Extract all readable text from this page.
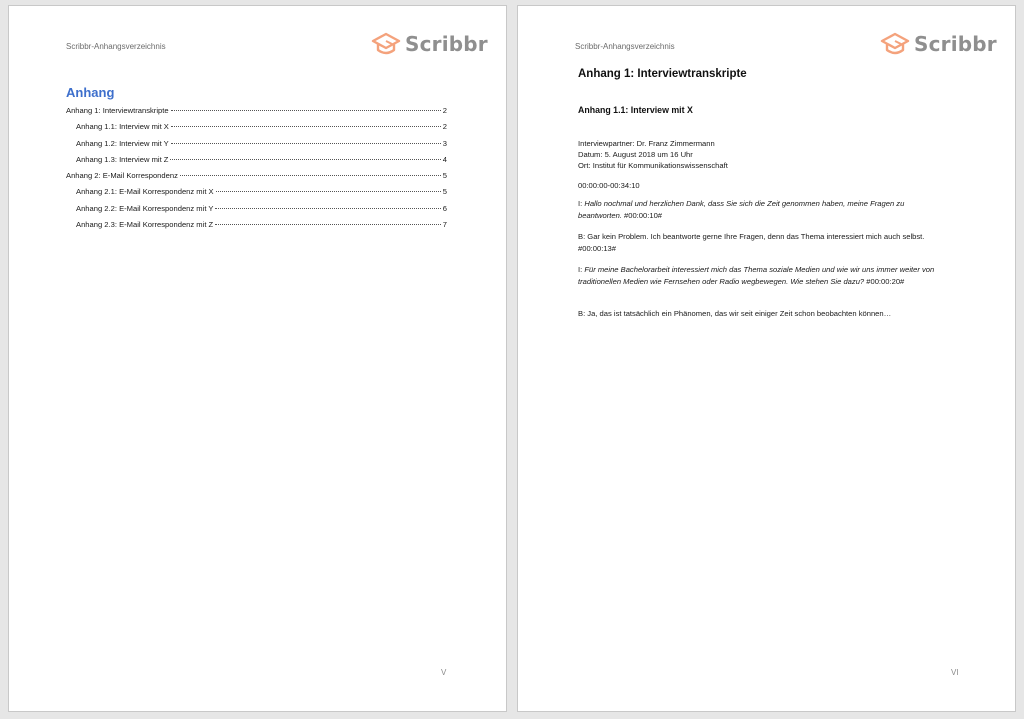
Scribbr-Anhangsverzeichnis	Scribbr
Anhang
Anhang 1: Interviewtranskripte	2
Anhang 1.1: Interview mit X	2
Anhang 1.2: Interview mit Y	3
Anhang 1.3: Interview mit Z	4
Anhang 2: E-Mail Korrespondenz	5
Anhang 2.1: E-Mail Korrespondenz mit X	5
Anhang 2.2: E-Mail Korrespondenz mit Y	6
Anhang 2.3: E-Mail Korrespondenz mit Z	7
V
Scribbr-Anhangsverzeichnis	Scribbr
Anhang 1: Interviewtranskripte
Anhang 1.1: Interview mit X
Interviewpartner: Dr. Franz Zimmermann
Datum: 5. August 2018 um 16 Uhr
Ort: Institut für Kommunikationswissenschaft
00:00:00-00:34:10
I: Hallo nochmal und herzlichen Dank, dass Sie sich die Zeit genommen haben, meine Fragen zu beantworten. #00:00:10#
B: Gar kein Problem. Ich beantworte gerne Ihre Fragen, denn das Thema interessiert mich auch selbst. #00:00:13#
I: Für meine Bachelorarbeit interessiert mich das Thema soziale Medien und wie wir uns immer weiter von traditionellen Medien wie Fernsehen oder Radio wegbewegen. Wie stehen Sie dazu? #00:00:20#
B: Ja, das ist tatsächlich ein Phänomen, das wir seit einiger Zeit schon beobachten können…
VI
